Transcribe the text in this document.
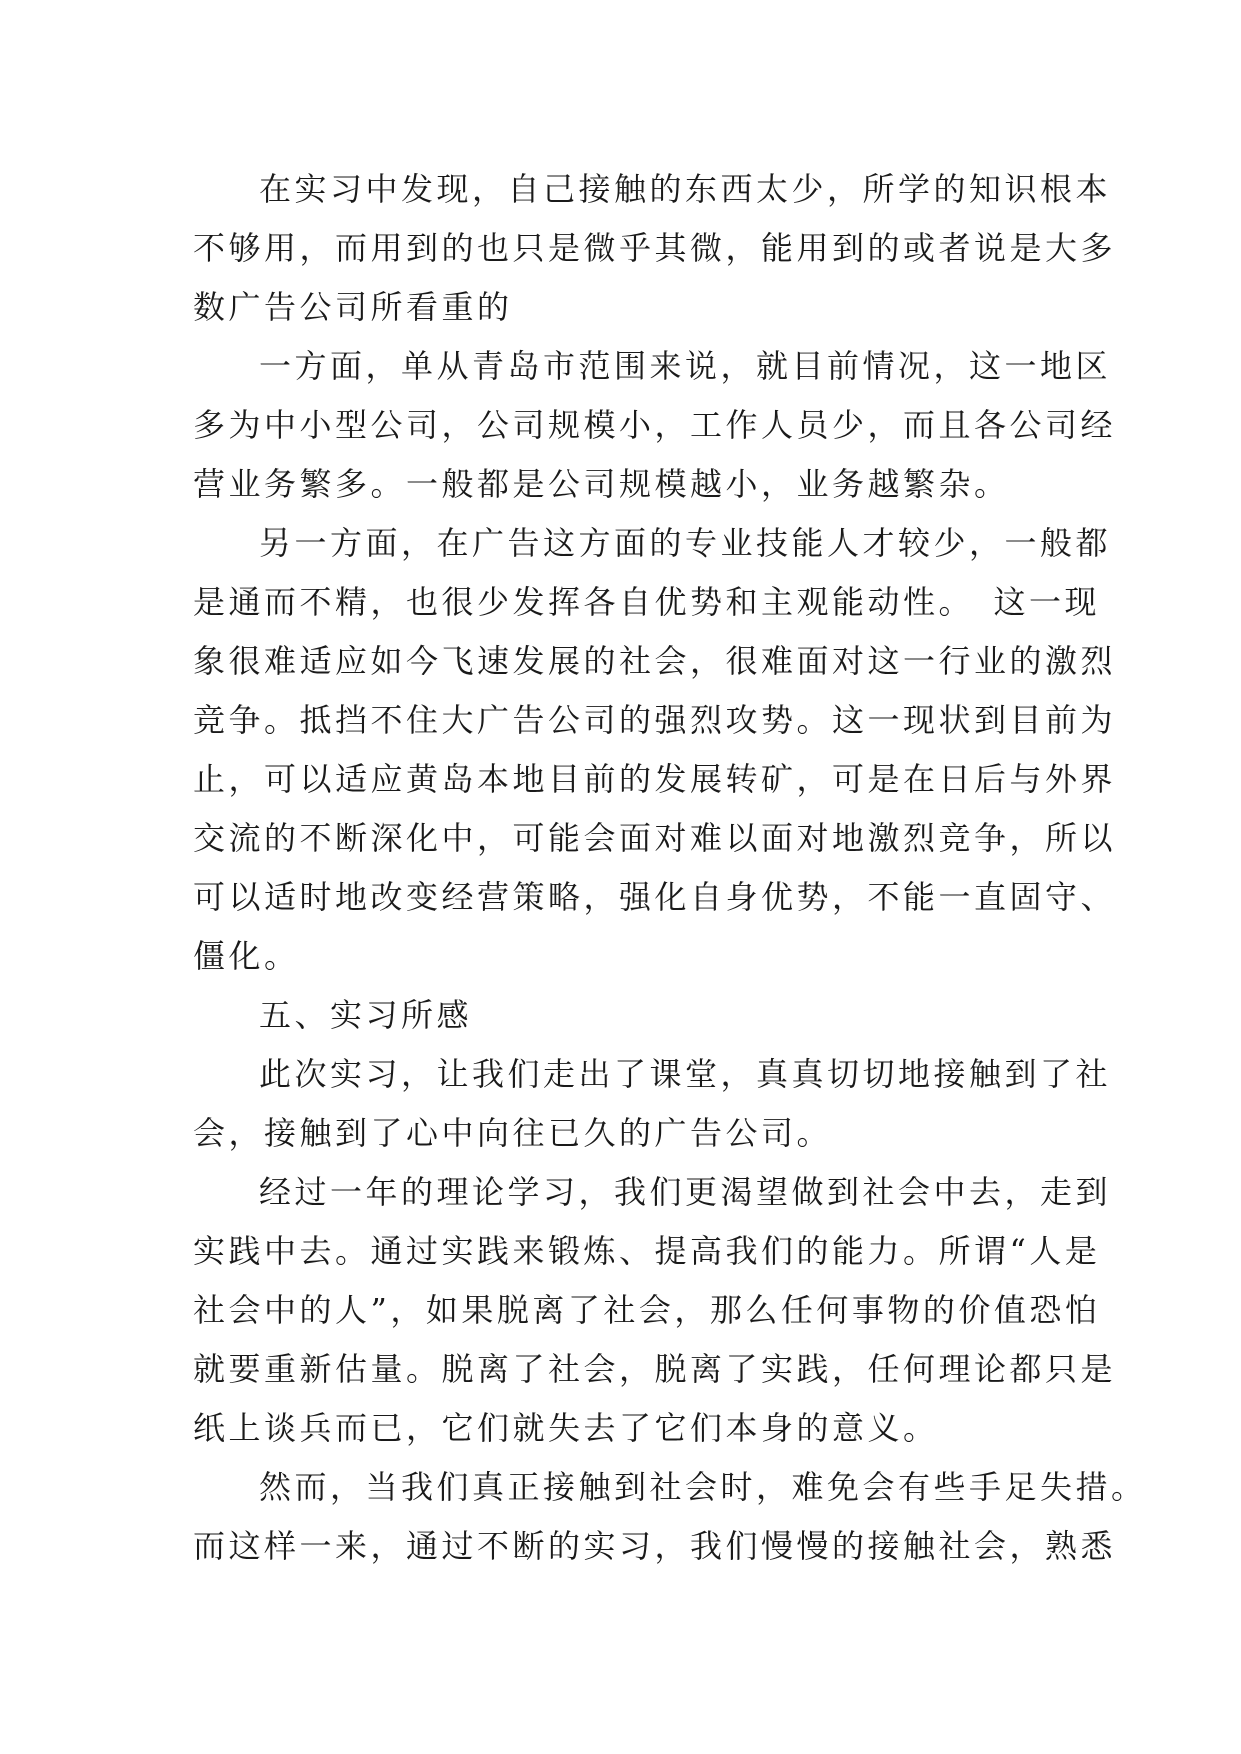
在实习中发现，自己接触的东西太少，所学的知识根本
不够用，而用到的也只是微乎其微，能用到的或者说是大多
数广告公司所看重的
一方面，单从青岛市范围来说，就目前情况，这一地区
多为中小型公司，公司规模小，工作人员少，而且各公司经
营业务繁多。一般都是公司规模越小，业务越繁杂。
另一方面，在广告这方面的专业技能人才较少，一般都
是通而不精，也很少发挥各自优势和主观能动性。　这一现
象很难适应如今飞速发展的社会，很难面对这一行业的激烈
竞争。抵挡不住大广告公司的强烈攻势。这一现状到目前为
止，可以适应黄岛本地目前的发展转矿，可是在日后与外界
交流的不断深化中，可能会面对难以面对地激烈竞争，所以
可以适时地改变经营策略，强化自身优势，不能一直固守、
僵化。
五、实习所感
此次实习，让我们走出了课堂，真真切切地接触到了社
会，接触到了心中向往已久的广告公司。
经过一年的理论学习，我们更渴望做到社会中去，走到
实践中去。通过实践来锻炼、提高我们的能力。所谓“人是
社会中的人”，如果脱离了社会，那么任何事物的价值恐怕
就要重新估量。脱离了社会，脱离了实践，任何理论都只是
纸上谈兵而已，它们就失去了它们本身的意义。
然而，当我们真正接触到社会时，难免会有些手足失措。
而这样一来，通过不断的实习，我们慢慢的接触社会，熟悉
